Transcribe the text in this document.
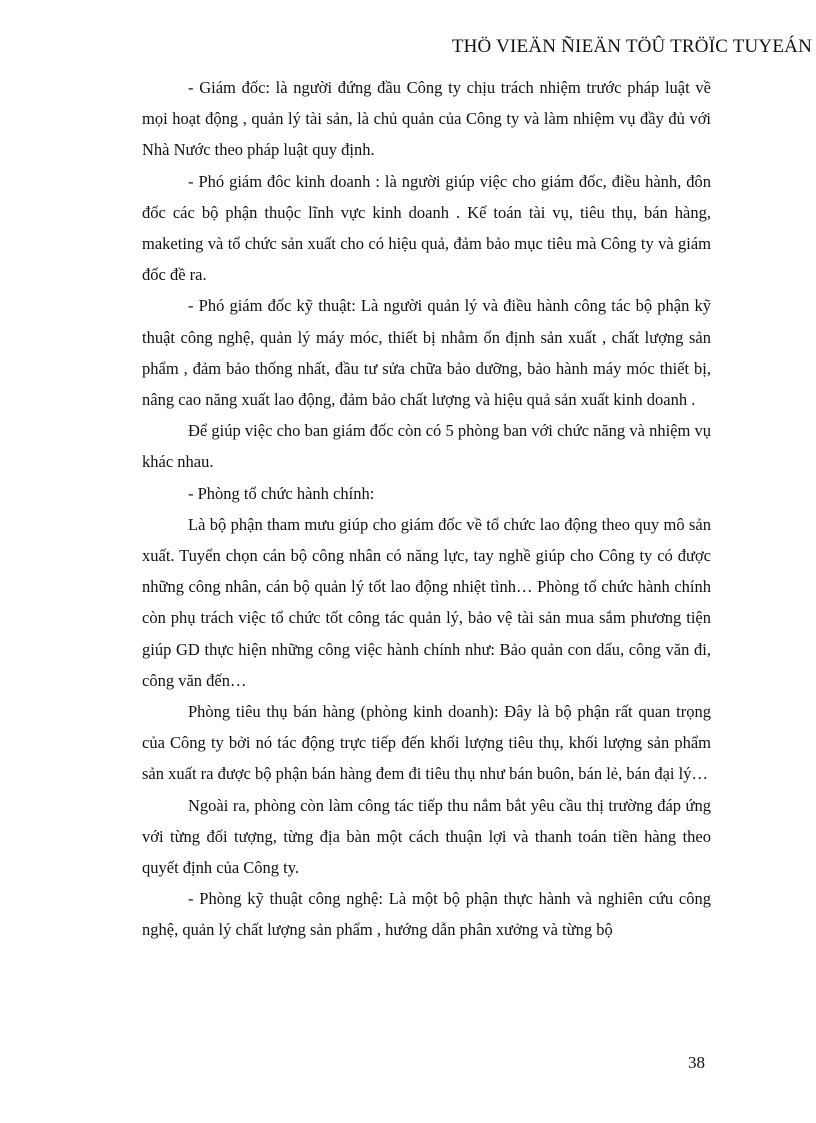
THÖ VIEÄN ÑIEÄN TÖÛ TRÖÏC TUYEÁN

- Giám đốc: là người đứng đầu Công ty chịu trách nhiệm trước pháp luật về mọi hoạt động , quản lý tài sản, là chủ quản của Công ty và làm nhiệm vụ đầy đủ với Nhà Nước theo pháp luật quy định.

- Phó giám đôc kinh doanh : là người giúp việc cho giám đốc, điều hành, đôn đốc các bộ phận thuộc lĩnh vực kinh doanh . Kế toán tài vụ, tiêu thụ, bán hàng, maketing và tổ chức sản xuất cho có hiệu quả, đảm bảo mục tiêu mà Công ty và giám đốc đề ra.

- Phó giám đốc kỹ thuật: Là người quản lý và điều hành công tác bộ phận kỹ thuật công nghệ, quản lý máy móc, thiết bị nhằm ổn định sản xuất , chất lượng sản phẩm , đảm bảo thống nhất, đầu tư sửa chữa bảo dưỡng, bảo hành máy móc thiết bị, nâng cao năng xuất lao động, đảm bảo chất lượng và hiệu quả sản xuất kinh doanh .

Để giúp việc cho ban giám đốc còn có 5 phòng ban với chức năng và nhiệm vụ khác nhau.

- Phòng tổ chức hành chính:

Là bộ phận tham mưu giúp cho giám đốc về tổ chức lao động theo quy mô sản xuất. Tuyển chọn cán bộ công nhân có năng lực, tay nghề giúp cho Công ty có được những công nhân, cán bộ quản lý tốt lao động nhiệt tình… Phòng tổ chức hành chính còn phụ trách việc tổ chức tốt công tác quản lý, bảo vệ tài sản mua sắm phương tiện giúp GD thực hiện những công việc hành chính như: Bảo quản con dấu, công văn đi, công văn đến…

Phòng tiêu thụ bán hàng (phòng kinh doanh): Đây là bộ phận rất quan trọng của Công ty bởi nó tác động trực tiếp đến khối lượng tiêu thụ, khối lượng sản phẩm sản xuất ra được bộ phận bán hàng đem đi tiêu thụ như bán buôn, bán lẻ, bán đại lý…

Ngoài ra, phòng còn làm công tác tiếp thu nắm bắt yêu cầu thị trường đáp ứng với từng đối tượng, từng địa bàn một cách thuận lợi và thanh toán tiền hàng theo quyết định của Công ty.

- Phòng kỹ thuật công nghệ: Là một bộ phận thực hành và nghiên cứu công nghệ, quản lý chất lượng sản phẩm , hướng dẫn phân xưởng và từng bộ

38
